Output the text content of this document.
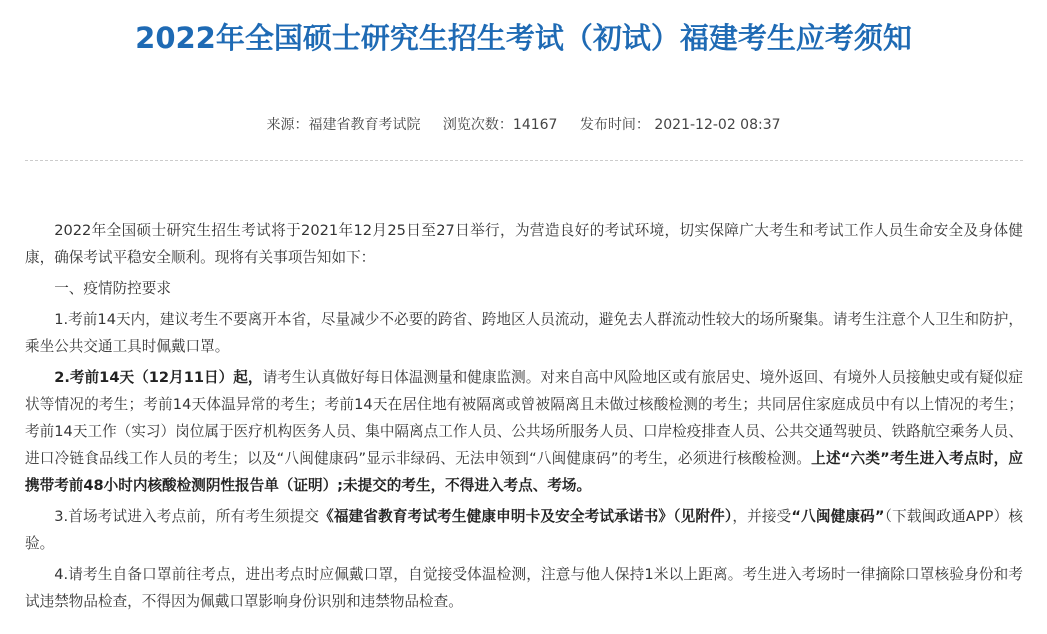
2022年全国硕士研究生招生考试（初试）福建考生应考须知
来源：福建省教育考试院 浏览次数：14167 发布时间： 2021-12-02 08:37

2022年全国硕士研究生招生考试将于2021年12月25日至27日举行，为营造良好的考试环境，切实保障广大考生和考试工作人员生命安全及身体健康，确保考试平稳安全顺利。现将有关事项告知如下：

一、疫情防控要求

1.考前14天内，建议考生不要离开本省，尽量减少不必要的跨省、跨地区人员流动，避免去人群流动性较大的场所聚集。请考生注意个人卫生和防护，乘坐公共交通工具时佩戴口罩。

2.考前14天（12月11日）起，请考生认真做好每日体温测量和健康监测。对来自高中风险地区或有旅居史、境外返回、有境外人员接触史或有疑似症状等情况的考生；考前14天体温异常的考生；考前14天在居住地有被隔离或曾被隔离且未做过核酸检测的考生；共同居住家庭成员中有以上情况的考生；考前14天工作（实习）岗位属于医疗机构医务人员、集中隔离点工作人员、公共场所服务人员、口岸检疫排查人员、公共交通驾驶员、铁路航空乘务人员、进口冷链食品线工作人员的考生；以及“八闽健康码”显示非绿码、无法申领到“八闽健康码”的考生，必须进行核酸检测。上述“六类”考生进入考点时，应携带考前48小时内核酸检测阴性报告单（证明）;未提交的考生，不得进入考点、考场。

3.首场考试进入考点前，所有考生须提交《福建省教育考试考生健康申明卡及安全考试承诺书》（见附件），并接受“八闽健康码”（下载闽政通APP）核验。

4.请考生自备口罩前往考点，进出考点时应佩戴口罩，自觉接受体温检测，注意与他人保持1米以上距离。考生进入考场时一律摘除口罩核验身份和考试违禁物品检查，不得因为佩戴口罩影响身份识别和违禁物品检查。
